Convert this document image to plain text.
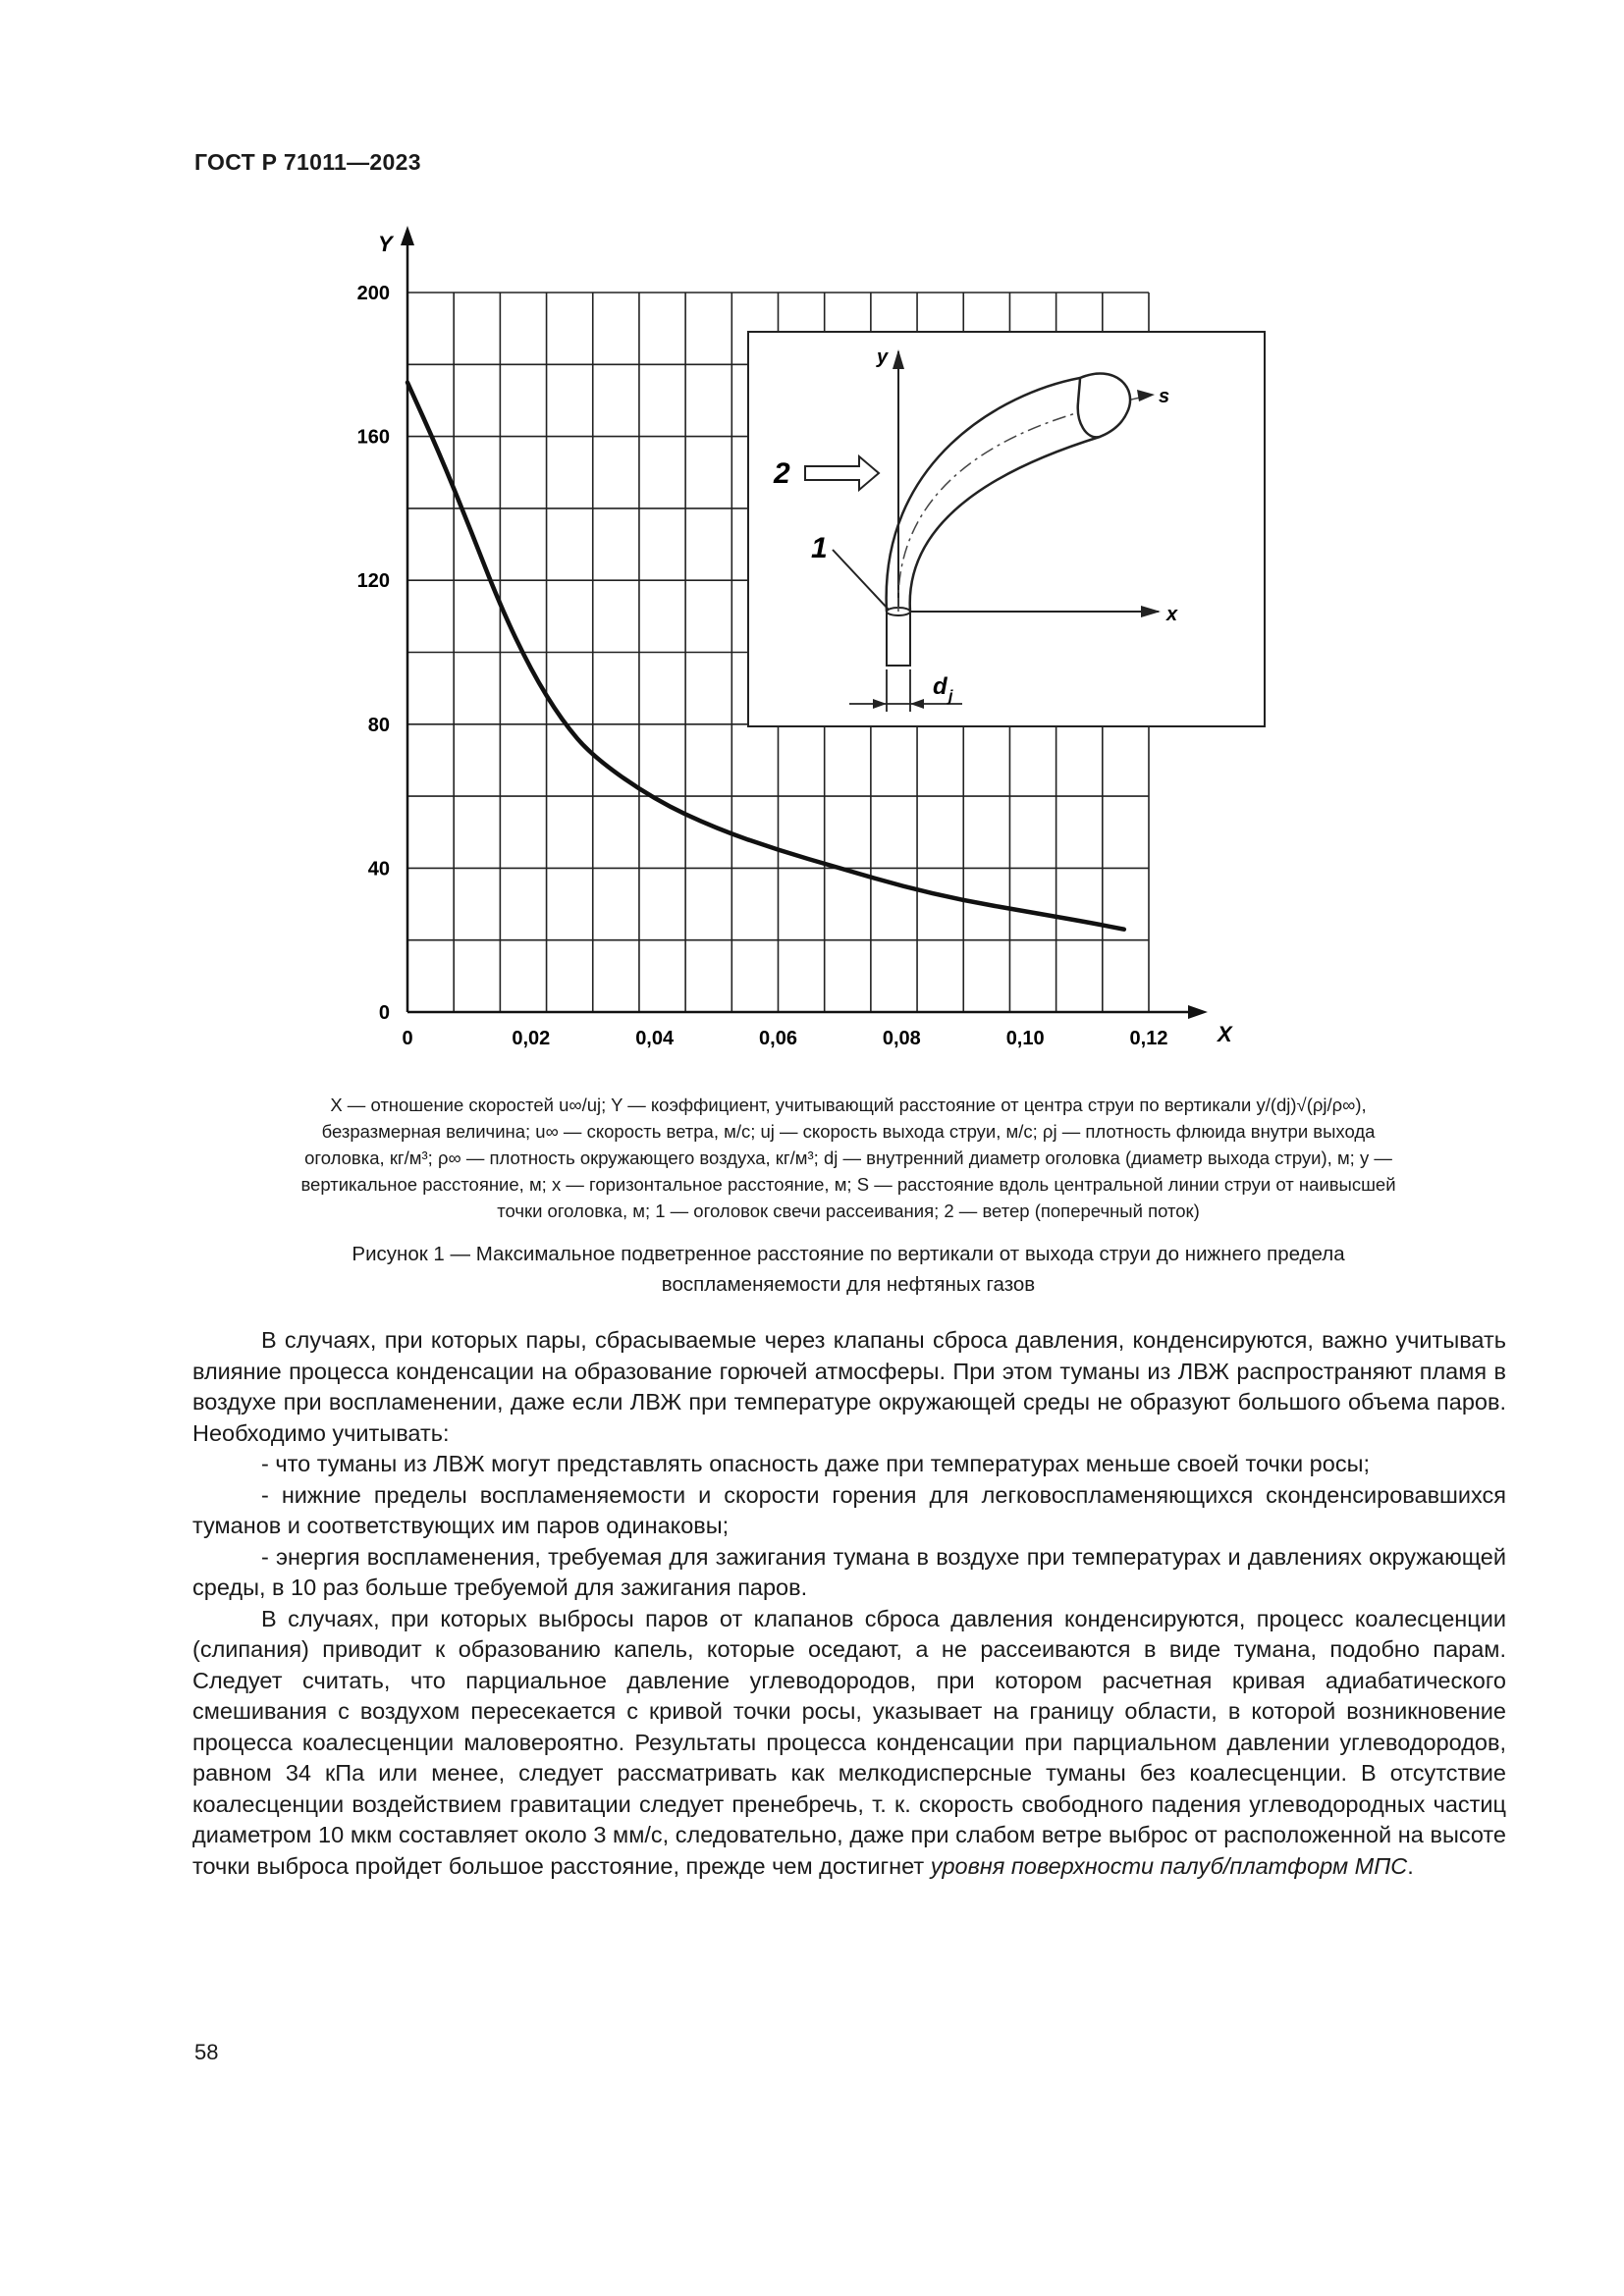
ГОСТ Р 71011—2023
Y
X
0
40
80
120
160
200
0	0,02	0,04	0,06	0,08	0,10	0,12
y
x
s
2
1
d j
X — отношение скоростей u∞/uj; Y — коэффициент, учитывающий расстояние от центра струи по вертикали y/(dj)√(ρj/ρ∞),
безразмерная величина; u∞ — скорость ветра, м/с; uj — скорость выхода струи, м/с; ρj — плотность флюида внутри выхода
оголовка, кг/м³; ρ∞ — плотность окружающего воздуха, кг/м³; dj — внутренний диаметр оголовка (диаметр выхода струи), м; y —
вертикальное расстояние, м; x — горизонтальное расстояние, м; S — расстояние вдоль центральной линии струи от наивысшей
точки оголовка, м; 1 — оголовок свечи рассеивания; 2 — ветер (поперечный поток)
Рисунок 1 — Максимальное подветренное расстояние по вертикали от выхода струи до нижнего предела
воспламеняемости для нефтяных газов

В случаях, при которых пары, сбрасываемые через клапаны сброса давления, конденсируются, важно учитывать влияние процесса конденсации на образование горючей атмосферы. При этом туманы из ЛВЖ распространяют пламя в воздухе при воспламенении, даже если ЛВЖ при температуре окружающей среды не образуют большого объема паров. Необходимо учитывать:

- что туманы из ЛВЖ могут представлять опасность даже при температурах меньше своей точки росы;

- нижние пределы воспламеняемости и скорости горения для легковоспламеняющихся сконденсировавшихся туманов и соответствующих им паров одинаковы;

- энергия воспламенения, требуемая для зажигания тумана в воздухе при температурах и давлениях окружающей среды, в 10 раз больше требуемой для зажигания паров.

В случаях, при которых выбросы паров от клапанов сброса давления конденсируются, процесс коалесценции (слипания) приводит к образованию капель, которые оседают, а не рассеиваются в виде тумана, подобно парам. Следует считать, что парциальное давление углеводородов, при котором расчетная кривая адиабатического смешивания с воздухом пересекается с кривой точки росы, указывает на границу области, в которой возникновение процесса коалесценции маловероятно. Результаты процесса конденсации при парциальном давлении углеводородов, равном 34 кПа или менее, следует рассматривать как мелкодисперсные туманы без коалесценции. В отсутствие коалесценции воздействием гравитации следует пренебречь, т. к. скорость свободного падения углеводородных частиц диаметром 10 мкм составляет около 3 мм/с, следовательно, даже при слабом ветре выброс от расположенной на высоте точки выброса пройдет большое расстояние, прежде чем достигнет уровня поверхности палуб/платформ МПС.

58
